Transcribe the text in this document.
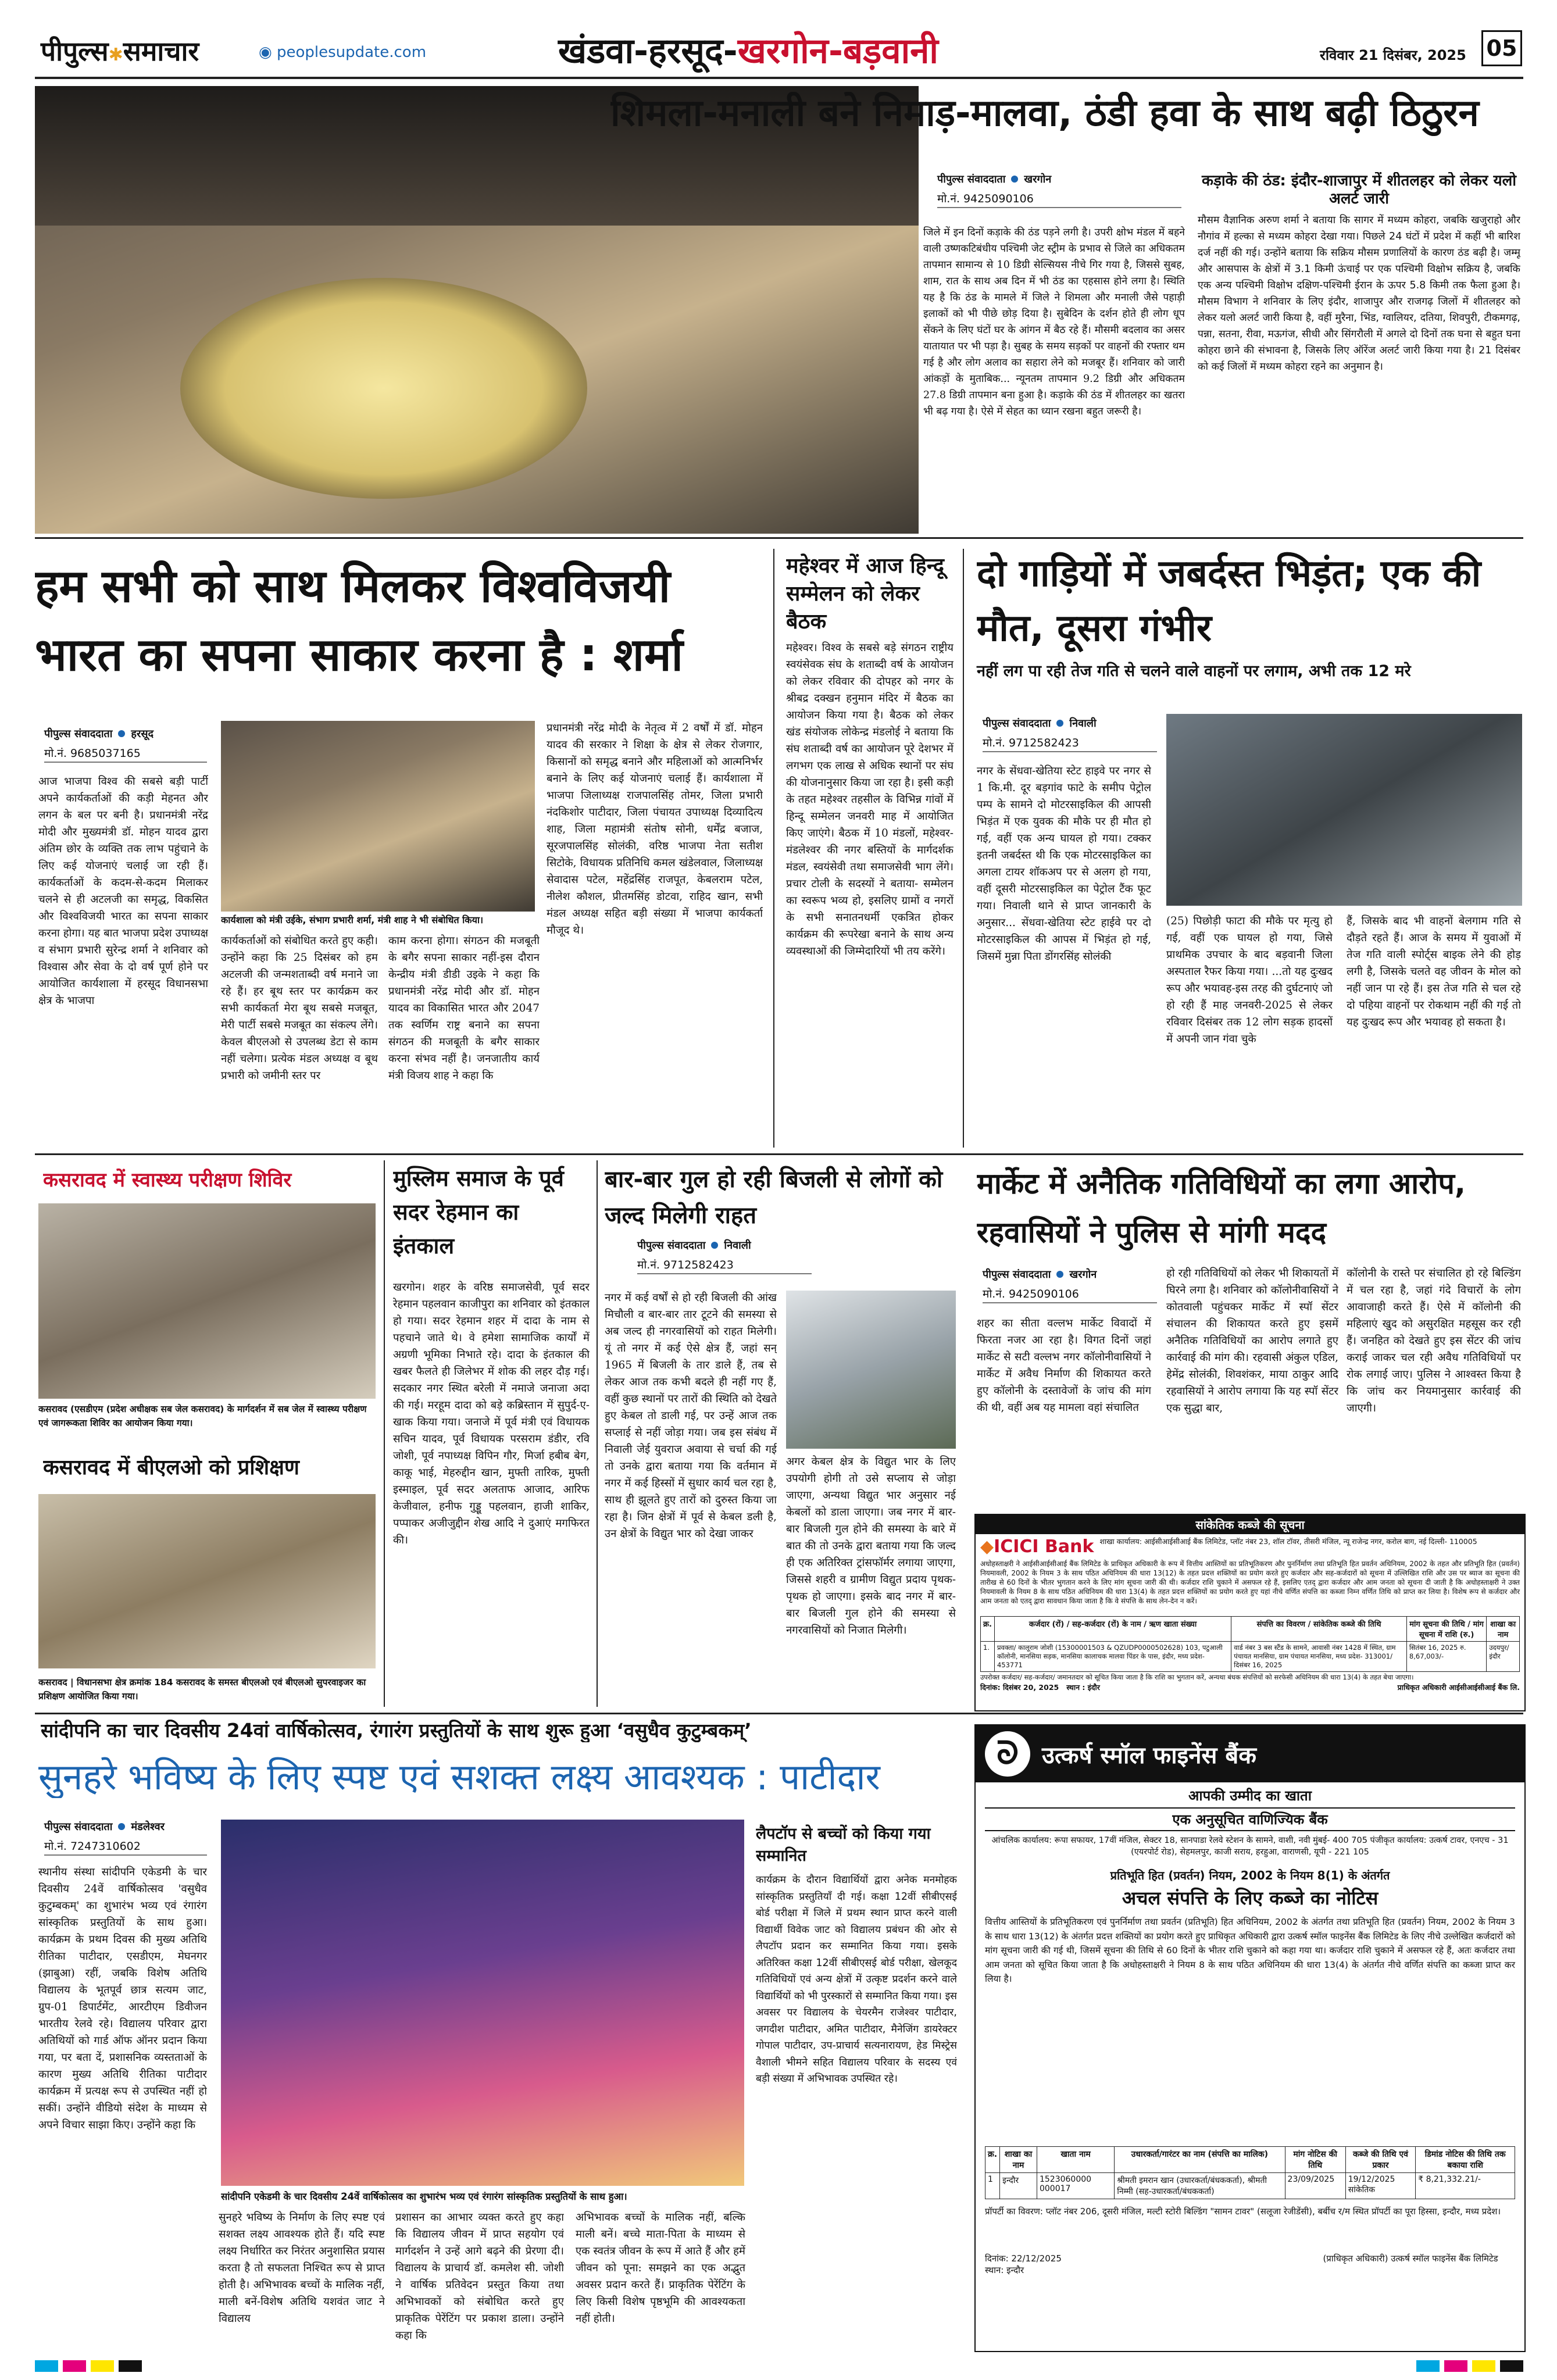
पीपुल्स✱समाचार	◉ peoplesupdate.com	खंडवा-हरसूद-खरगोन-बड़वानी	रविवार 21 दिसंबर, 2025 05
शिमला-मनाली बने निमाड़-मालवा, ठंडी हवा के साथ बढ़ी ठिठुरन
पीपुल्स संवाददाता खरगोन
मो.नं. 9425090106
जिले में इन दिनों कड़ाके की ठंड पड़ने लगी है। उपरी क्षोभ मंडल में बहने वाली उष्णकटिबंधीय पश्चिमी जेट स्ट्रीम के प्रभाव से जिले का अधिकतम तापमान सामान्य से 10 डिग्री सेल्सियस नीचे गिर गया है, जिससे सुबह, शाम, रात के साथ अब दिन में भी ठंड का एहसास होने लगा है। स्थिति यह है कि ठंड के मामले में जिले ने शिमला और मनाली जैसे पहाड़ी इलाकों को भी पीछे छोड़ दिया है। सुबेदिन के दर्शन होते ही लोग धूप सेंकने के लिए घंटों घर के आंगन में बैठ रहे हैं। मौसमी बदलाव का असर यातायात पर भी पड़ा है। सुबह के समय सड़कों पर वाहनों की रफ्तार थम गई है और लोग अलाव का सहारा लेने को मजबूर हैं। शनिवार को जारी आंकड़ों के मुताबिक... न्यूनतम तापमान 9.2 डिग्री और अधिकतम 27.8 डिग्री तापमान बना हुआ है। कड़ाके की ठंड में शीतलहर का खतरा भी बढ़ गया है। ऐसे में सेहत का ध्यान रखना बहुत जरूरी है।
कड़ाके की ठंड: इंदौर-शाजापुर में शीतलहर को लेकर यलो अलर्ट जारी
मौसम वैज्ञानिक अरुण शर्मा ने बताया कि सागर में मध्यम कोहरा, जबकि खजुराहो और नौगांव में हल्का से मध्यम कोहरा देखा गया। पिछले 24 घंटों में प्रदेश में कहीं भी बारिश दर्ज नहीं की गई। उन्होंने बताया कि सक्रिय मौसम प्रणालियों के कारण ठंड बढ़ी है। जम्मू और आसपास के क्षेत्रों में 3.1 किमी ऊंचाई पर एक पश्चिमी विक्षोभ सक्रिय है, जबकि एक अन्य पश्चिमी विक्षोभ दक्षिण-पश्चिमी ईरान के ऊपर 5.8 किमी तक फैला हुआ है। मौसम विभाग ने शनिवार के लिए इंदौर, शाजापुर और राजगढ़ जिलों में शीतलहर को लेकर यलो अलर्ट जारी किया है, वहीं मुरैना, भिंड, ग्वालियर, दतिया, शिवपुरी, टीकमगढ़, पन्ना, सतना, रीवा, मऊगंज, सीधी और सिंगरौली में अगले दो दिनों तक घना से बहुत घना कोहरा छाने की संभावना है, जिसके लिए ऑरेंज अलर्ट जारी किया गया है। 21 दिसंबर को कई जिलों में मध्यम कोहरा रहने का अनुमान है।
हम सभी को साथ मिलकर विश्वविजयी भारत का सपना साकार करना है : शर्मा
पीपुल्स संवाददाता हरसूद
मो.नं. 9685037165
कार्यशाला को मंत्री उईके, संभाग प्रभारी शर्मा, मंत्री शाह ने भी संबोधित किया।
आज भाजपा विश्व की सबसे बड़ी पार्टी अपने कार्यकर्ताओं की कड़ी मेहनत और लगन के बल पर बनी है। प्रधानमंत्री नरेंद्र मोदी और मुख्यमंत्री डॉ. मोहन यादव द्वारा अंतिम छोर के व्यक्ति तक लाभ पहुंचाने के लिए कई योजनाएं चलाई जा रही हैं। कार्यकर्ताओं के कदम-से-कदम मिलाकर चलने से ही अटलजी का समृद्ध, विकसित और विश्वविजयी भारत का सपना साकार करना होगा। यह बात भाजपा प्रदेश उपाध्यक्ष व संभाग प्रभारी सुरेन्द्र शर्मा ने शनिवार को विश्वास और सेवा के दो वर्ष पूर्ण होने पर आयोजित कार्यशाला में हरसूद विधानसभा क्षेत्र के भाजपा
कार्यकर्ताओं को संबोधित करते हुए कही। उन्होंने कहा कि 25 दिसंबर को हम अटलजी की जन्मशताब्दी वर्ष मनाने जा रहे हैं। हर बूथ स्तर पर कार्यक्रम कर सभी कार्यकर्ता मेरा बूथ सबसे मजबूत, मेरी पार्टी सबसे मजबूत का संकल्प लेंगे। केवल बीएलओ से उपलब्ध डेटा से काम नहीं चलेगा। प्रत्येक मंडल अध्यक्ष व बूथ प्रभारी को जमीनी स्तर पर
काम करना होगा। संगठन की मजबूती के बगैर सपना साकार नहीं-इस दौरान केन्द्रीय मंत्री डीडी उइके ने कहा कि प्रधानमंत्री नरेंद्र मोदी और डॉ. मोहन यादव का विकासित भारत और 2047 तक स्वर्णिम राष्ट्र बनाने का सपना संगठन की मजबूती के बगैर साकार करना संभव नहीं है। जनजातीय कार्य मंत्री विजय शाह ने कहा कि
प्रधानमंत्री नरेंद्र मोदी के नेतृत्व में 2 वर्षों में डॉ. मोहन यादव की सरकार ने शिक्षा के क्षेत्र से लेकर रोजगार, किसानों को समृद्ध बनाने और महिलाओं को आत्मनिर्भर बनाने के लिए कई योजनाएं चलाई हैं। कार्यशाला में भाजपा जिलाध्यक्ष राजपालसिंह तोमर, जिला प्रभारी नंदकिशोर पाटीदार, जिला पंचायत उपाध्यक्ष दिव्यादित्य शाह, जिला महामंत्री संतोष सोनी, धर्मेंद्र बजाज, सूरजपालसिंह सोलंकी, वरिष्ठ भाजपा नेता सतीश सिटोके, विधायक प्रतिनिधि कमल खंडेलवाल, जिलाध्यक्ष सेवादास पटेल, महेंद्रसिंह राजपूत, केबलराम पटेल, नीलेश कौशल, प्रीतमसिंह डोटवा, राहिद खान, सभी मंडल अध्यक्ष सहित बड़ी संख्या में भाजपा कार्यकर्ता मौजूद थे।
महेश्वर में आज हिन्दू सम्मेलन को लेकर बैठक
महेश्वर। विश्व के सबसे बड़े संगठन राष्ट्रीय स्वयंसेवक संघ के शताब्दी वर्ष के आयोजन को लेकर रविवार की दोपहर को नगर के श्रीबद्र दक्खन हनुमान मंदिर में बैठक का आयोजन किया गया है। बैठक को लेकर खंड संयोजक लोकेन्द्र मंडलोई ने बताया कि संघ शताब्दी वर्ष का आयोजन पूरे देशभर में लगभग एक लाख से अधिक स्थानों पर संघ की योजनानुसार किया जा रहा है। इसी कड़ी के तहत महेश्वर तहसील के विभिन्न गांवों में हिन्दू सम्मेलन जनवरी माह में आयोजित किए जाएंगे। बैठक में 10 मंडलों, महेश्वर-मंडलेश्वर की नगर बस्तियों के मार्गदर्शक मंडल, स्वयंसेवी तथा समाजसेवी भाग लेंगे। प्रचार टोली के सदस्यों ने बताया- सम्मेलन का स्वरूप भव्य हो, इसलिए ग्रामों व नगरों के सभी सनातनधर्मी एकत्रित होकर कार्यक्रम की रूपरेखा बनाने के साथ अन्य व्यवस्थाओं की जिम्मेदारियों भी तय करेंगे।
दो गाड़ियों में जबर्दस्त भिड़ंत; एक की मौत, दूसरा गंभीर
नहीं लग पा रही तेज गति से चलने वाले वाहनों पर लगाम, अभी तक 12 मरे
पीपुल्स संवाददाता निवाली
मो.नं. 9712582423
नगर के सेंधवा-खेतिया स्टेट हाइवे पर नगर से 1 कि.मी. दूर बड़गांव फाटे के समीप पेट्रोल पम्प के सामने दो मोटरसाइकिल की आपसी भिड़ंत में एक युवक की मौके पर ही मौत हो गई, वहीं एक अन्य घायल हो गया। टक्कर इतनी जबर्दस्त थी कि एक मोटरसाइकिल का अगला टायर शॉकअप पर से अलग हो गया, वहीं दूसरी मोटरसाइकिल का पेट्रोल टैंक फूट गया। निवाली थाने से प्राप्त जानकारी के अनुसार... सेंधवा-खेतिया स्टेट हाईवे पर दो मोटरसाइकिल की आपस में भिड़ंत हो गई, जिसमें मुन्ना पिता डोंगरसिंह सोलंकी
(25) पिछोड़ी फाटा की मौके पर मृत्यु हो गई, वहीं एक घायल हो गया, जिसे प्राथमिक उपचार के बाद बड़वानी जिला अस्पताल रैफर किया गया। ...तो यह दुःखद रूप और भयावह-इस तरह की दुर्घटनाएं जो हो रही हैं माह जनवरी-2025 से लेकर रविवार दिसंबर तक 12 लोग सड़क हादसों में अपनी जान गंवा चुके
हैं, जिसके बाद भी वाहनों बेलगाम गति से दौड़ते रहते हैं। आज के समय में युवाओं में तेज गति वाली स्पोर्ट्स बाइक लेने की होड़ लगी है, जिसके चलते वह जीवन के मोल को नहीं जान पा रहे हैं। इस तेज गति से चल रहे दो पहिया वाहनों पर रोकथाम नहीं की गई तो यह दुःखद रूप और भयावह हो सकता है।
कसरावद में स्वास्थ्य परीक्षण शिविर
कसरावद (एसडीएम (प्रदेश अधीक्षक सब जेल कसरावद) के मार्गदर्शन में सब जेल में स्वास्थ्य परीक्षण एवं जागरूकता शिविर का आयोजन किया गया।
कसरावद में बीएलओ को प्रशिक्षण
कसरावद | विधानसभा क्षेत्र क्रमांक 184 कसरावद के समस्त बीएलओ एवं बीएलओ सुपरवाइजर का प्रशिक्षण आयोजित किया गया।
मुस्लिम समाज के पूर्व सदर रेहमान का इंतकाल
खरगोन। शहर के वरिष्ठ समाजसेवी, पूर्व सदर रेहमान पहलवान काजीपुरा का शनिवार को इंतकाल हो गया। सदर रेहमान शहर में दादा के नाम से पहचाने जाते थे। वे हमेशा सामाजिक कार्यों में अग्रणी भूमिका निभाते रहे। दादा के इंतकाल की खबर फैलते ही जिलेभर में शोक की लहर दौड़ गई। सदकार नगर स्थित बरेली में नमाजे जनाजा अदा की गई। मरहूम दादा को बड़े कब्रिस्तान में सुपुर्द-ए-खाक किया गया। जनाजे में पूर्व मंत्री एवं विधायक सचिन यादव, पूर्व विधायक परसराम डंडीर, रवि जोशी, पूर्व नपाध्यक्ष विपिन गौर, मिर्जा हबीब बेग, काकू भाई, मेहरुद्दीन खान, मुफ्ती तारिक, मुफ्ती इस्माइल, पूर्व सदर अलताफ आजाद, आरिफ केजीवाल, हनीफ गुड्डू पहलवान, हाजी शाकिर, पप्पाकर अजीजुद्दीन शेख आदि ने दुआएं मगफिरत की।
बार-बार गुल हो रही बिजली से लोगों को जल्द मिलेगी राहत
पीपुल्स संवाददाता निवाली
मो.नं. 9712582423
नगर में कई वर्षों से हो रही बिजली की आंख मिचौली व बार-बार तार टूटने की समस्या से अब जल्द ही नगरवासियों को राहत मिलेगी। यूं तो नगर में कई ऐसे क्षेत्र हैं, जहां सन् 1965 में बिजली के तार डाले हैं, तब से लेकर आज तक कभी बदले ही नहीं गए हैं, वहीं कुछ स्थानों पर तारों की स्थिति को देखते हुए केबल तो डाली गई, पर उन्हें आज तक सप्लाई से नहीं जोड़ा गया। जब इस संबंध में निवाली जेई युवराज अवाया से चर्चा की गई तो उनके द्वारा बताया गया कि वर्तमान में नगर में कई हिस्सों में सुधार कार्य चल रहा है, साथ ही झूलते हुए तारों को दुरुस्त किया जा रहा है। जिन क्षेत्रों में पूर्व से केबल डली है, उन क्षेत्रों के विद्युत भार को देखा जाकर
अगर केबल क्षेत्र के विद्युत भार के लिए उपयोगी होगी तो उसे सप्लाय से जोड़ा जाएगा, अन्यथा विद्युत भार अनुसार नई केबलों को डाला जाएगा। जब नगर में बार-बार बिजली गुल होने की समस्या के बारे में बात की तो उनके द्वारा बताया गया कि जल्द ही एक अतिरिक्त ट्रांसफॉर्मर लगाया जाएगा, जिससे शहरी व ग्रामीण विद्युत प्रदाय पृथक-पृथक हो जाएगा। इसके बाद नगर में बार-बार बिजली गुल होने की समस्या से नगरवासियों को निजात मिलेगी।
मार्केट में अनैतिक गतिविधियों का लगा आरोप, रहवासियों ने पुलिस से मांगी मदद
पीपुल्स संवाददाता खरगोन
मो.नं. 9425090106
शहर का सीता वल्लभ मार्केट विवादों में फिरता नजर आ रहा है। विगत दिनों जहां मार्केट से सटी वल्लभ नगर कॉलोनीवासियों ने मार्केट में अवैध निर्माण की शिकायत करते हुए कॉलोनी के दस्तावेजों के जांच की मांग की थी, वहीं अब यह मामला वहां संचालित
हो रही गतिविधियों को लेकर भी शिकायतों में घिरने लगा है। शनिवार को कॉलोनीवासियों ने कोतवाली पहुंचकर मार्केट में स्पॉ सेंटर संचालन की शिकायत करते हुए इसमें अनैतिक गतिविधियों का आरोप लगाते हुए कार्रवाई की मांग की। रहवासी अंकुल एडिल, हेमेंद्र सोलंकी, शिवशंकर, माया ठाकुर आदि रहवासियों ने आरोप लगाया कि यह स्पॉ सेंटर एक सुद्धा बार,
कॉलोनी के रास्ते पर संचालित हो रहे बिल्डिंग में चल रहा है, जहां गंदे विचारों के लोग आवाजाही करते हैं। ऐसे में कॉलोनी की महिलाएं खुद को असुरक्षित महसूस कर रही हैं। जनहित को देखते हुए इस सेंटर की जांच कराई जाकर चल रही अवैध गतिविधियों पर रोक लगाई जाए। पुलिस ने आश्वस्त किया है कि जांच कर नियमानुसार कार्रवाई की जाएगी।
सांकेतिक कब्जे की सूचना
◆ICICI Bank शाखा कार्यालय: आईसीआईसीआई बैंक लिमिटेड, प्लॉट नंबर 23, शॉल टॉवर, तीसरी मंजिल, न्यू राजेन्द्र नगर, करोल बाग, नई दिल्ली- 110005
अधोहस्ताक्षरी ने आईसीआईसीआई बैंक लिमिटेड के प्राधिकृत अधिकारी के रूप में वित्तीय आस्तियों का प्रतिभूतिकरण और पुनर्निर्माण तथा प्रतिभूति हित प्रवर्तन अधिनियम, 2002 के तहत और प्रतिभूति हित (प्रवर्तन) नियमावली, 2002 के नियम 3 के साथ पठित अधिनियम की धारा 13(12) के तहत प्रदत्त शक्तियों का प्रयोग करते हुए कर्जदार और सह-कर्जदारों को सूचना में उल्लिखित राशि और उस पर ब्याज का सूचना की तारीख से 60 दिनों के भीतर भुगतान करने के लिए मांग सूचना जारी की थी। कर्जदार राशि चुकाने में असफल रहे हैं, इसलिए एतद् द्वारा कर्जदार और आम जनता को सूचना दी जाती है कि अधोहस्ताक्षरी ने उक्त नियमावली के नियम 8 के साथ पठित अधिनियम की धारा 13(4) के तहत प्रदत्त शक्तियों का प्रयोग करते हुए यहां नीचे वर्णित संपत्ति का कब्जा निम्न वर्णित तिथि को प्राप्त कर लिया है। विशेष रूप से कर्जदार और आम जनता को एतद् द्वारा सावधान किया जाता है कि वे संपत्ति के साथ लेन-देन न करें।
क्र.	कर्जदार (रों) / सह-कर्जदार (रों) के नाम / ऋण खाता संख्या	संपत्ति का विवरण / सांकेतिक कब्जे की तिथि	मांग सूचना की तिथि / मांग सूचना में राशि (रु.)	शाखा का नाम
1.	प्रवक्ता/ कालूराम जोशी (15300001503 & QZUDP0000502628) 103, पटुआली कॉलोनी, मानसिया सड़क, मानसिया कालाचक मालवा पिंडर के पास, इंदौर, मध्य प्रदेश- 453771	वार्ड नंबर 3 बस स्टैंड के सामने, आवासी नंबर 1428 में स्थित, ग्राम पंचायत मानसिया, ग्राम पंचायत मानसिया, मध्य प्रदेश- 313001/ दिसंबर 16, 2025	सितंबर 16, 2025 रु. 8,67,003/-	उदयपुर/ इंदौर
उपरोक्त कर्जदार/ सह-कर्जदार/ जमानतदार को सूचित किया जाता है कि राशि का भुगतान करें, अन्यथा बंधक संपत्तियों को सरफेसी अधिनियम की धारा 13(4) के तहत बेचा जाएगा।
दिनांक: दिसंबर 20, 2025 स्थान : इंदौर	प्राधिकृत अधिकारी आईसीआईसीआई बैंक लि.
सांदीपनि का चार दिवसीय 24वां वार्षिकोत्सव, रंगारंग प्रस्तुतियों के साथ शुरू हुआ ‘वसुधैव कुटुम्बकम्’
सुनहरे भविष्य के लिए स्पष्ट एवं सशक्त लक्ष्य आवश्यक : पाटीदार
पीपुल्स संवाददाता मंडलेश्वर
मो.नं. 7247310602
स्थानीय संस्था सांदीपनि एकेडमी के चार दिवसीय 24वें वार्षिकोत्सव 'वसुधैव कुटुम्बकम्' का शुभारंभ भव्य एवं रंगारंग सांस्कृतिक प्रस्तुतियों के साथ हुआ। कार्यक्रम के प्रथम दिवस की मुख्य अतिथि रीतिका पाटीदार, एसडीएम, मेघनगर (झाबुआ) रहीं, जबकि विशेष अतिथि विद्यालय के भूतपूर्व छात्र सत्यम जाट, ग्रुप-01 डिपार्टमेंट, आरटीएम डिवीजन भारतीय रेलवे रहे। विद्यालय परिवार द्वारा अतिथियों को गार्ड ऑफ ऑनर प्रदान किया गया, पर बता दें, प्रशासनिक व्यस्तताओं के कारण मुख्य अतिथि रीतिका पाटीदार कार्यक्रम में प्रत्यक्ष रूप से उपस्थित नहीं हो सकीं। उन्होंने वीडियो संदेश के माध्यम से अपने विचार साझा किए। उन्होंने कहा कि
सांदीपनि एकेडमी के चार दिवसीय 24वें वार्षिकोत्सव का शुभारंभ भव्य एवं रंगारंग सांस्कृतिक प्रस्तुतियों के साथ हुआ।
सुनहरे भविष्य के निर्माण के लिए स्पष्ट एवं सशक्त लक्ष्य आवश्यक होते हैं। यदि स्पष्ट लक्ष्य निर्धारित कर निरंतर अनुशासित प्रयास करता है तो सफलता निश्चित रूप से प्राप्त होती है। अभिभावक बच्चों के मालिक नहीं, माली बनें-विशेष अतिथि यशवंत जाट ने विद्यालय
प्रशासन का आभार व्यक्त करते हुए कहा कि विद्यालय जीवन में प्राप्त सहयोग एवं मार्गदर्शन ने उन्हें आगे बढ़ने की प्रेरणा दी। विद्यालय के प्राचार्य डॉ. कमलेश सी. जोशी ने वार्षिक प्रतिवेदन प्रस्तुत किया तथा अभिभावकों को संबोधित करते हुए प्राकृतिक पेरेंटिंग पर प्रकाश डाला। उन्होंने कहा कि
अभिभावक बच्चों के मालिक नहीं, बल्कि माली बनें। बच्चे माता-पिता के माध्यम से एक स्वतंत्र जीवन के रूप में आते हैं और हमें जीवन को पूना: समझने का एक अद्भुत अवसर प्रदान करते हैं। प्राकृतिक पेरेंटिंग के लिए किसी विशेष पृष्ठभूमि की आवश्यकता नहीं होती।
लैपटॉप से बच्चों को किया गया सम्मानित
कार्यक्रम के दौरान विद्यार्थियों द्वारा अनेक मनमोहक सांस्कृतिक प्रस्तुतियाँ दी गई। कक्षा 12वीं सीबीएसई बोर्ड परीक्षा में जिले में प्रथम स्थान प्राप्त करने वाली विद्यार्थी विवेक जाट को विद्यालय प्रबंधन की ओर से लैपटॉप प्रदान कर सम्मानित किया गया। इसके अतिरिक्त कक्षा 12वीं सीबीएसई बोर्ड परीक्षा, खेलकूद गतिविधियों एवं अन्य क्षेत्रों में उत्कृष्ट प्रदर्शन करने वाले विद्यार्थियों को भी पुरस्कारों से सम्मानित किया गया। इस अवसर पर विद्यालय के चेयरमैन राजेश्वर पाटीदार, जगदीश पाटीदार, अमित पाटीदार, मैनेजिंग डायरेक्टर गोपाल पाटीदार, उप-प्राचार्य सत्यनारायण, हेड मिस्ट्रेस वैशाली भीमने सहित विद्यालय परिवार के सदस्य एवं बड़ी संख्या में अभिभावक उपस्थित रहे।
ᘐ उत्कर्ष स्मॉल फाइनेंस बैंक
आपकी उम्मीद का खाता
एक अनुसूचित वाणिज्यिक बैंक
आंचलिक कार्यालय: रूपा सफायर, 17वीं मंजिल, सेक्टर 18, सानपाडा रेलवे स्टेशन के सामने, वाशी, नवी मुंबई- 400 705 पंजीकृत कार्यालय: उत्कर्ष टावर, एनएच - 31 (एयरपोर्ट रोड), सेहमलपुर, काजी सराय, हरहुआ, वाराणसी, यूपी - 221 105
प्रतिभूति हित (प्रवर्तन) नियम, 2002 के नियम 8(1) के अंतर्गत
अचल संपत्ति के लिए कब्जे का नोटिस
वित्तीय आस्तियों के प्रतिभूतिकरण एवं पुनर्निर्माण तथा प्रवर्तन (प्रतिभूति) हित अधिनियम, 2002 के अंतर्गत तथा प्रतिभूति हित (प्रवर्तन) नियम, 2002 के नियम 3 के साथ धारा 13(12) के अंतर्गत प्रदत्त शक्तियों का प्रयोग करते हुए प्राधिकृत अधिकारी द्वारा उत्कर्ष स्मॉल फाइनेंस बैंक लिमिटेड के लिए नीचे उल्लेखित कर्जदारों को मांग सूचना जारी की गई थी, जिसमें सूचना की तिथि से 60 दिनों के भीतर राशि चुकाने को कहा गया था। कर्जदार राशि चुकाने में असफल रहे हैं, अतः कर्जदार तथा आम जनता को सूचित किया जाता है कि अधोहस्ताक्षरी ने नियम 8 के साथ पठित अधिनियम की धारा 13(4) के अंतर्गत नीचे वर्णित संपत्ति का कब्जा प्राप्त कर लिया है।
क्र.	शाखा का नाम	खाता नाम	उधारकर्ता/गारंटर का नाम (संपत्ति का मालिक)	मांग नोटिस की तिथि	कब्जे की तिथि एवं प्रकार	डिमांड नोटिस की तिथि तक बकाया राशि
1	इन्दौर	1523060000 000017	श्रीमती इमरान खान (उधारकर्ता/बंधककर्ता), श्रीमती निम्मी (सह-उधारकर्ता/बंधककर्ता)	23/09/2025	19/12/2025 सांकेतिक	₹ 8,21,332.21/-
प्रॉपर्टी का विवरण: प्लॉट नंबर 206, दूसरी मंजिल, मल्टी स्टोरी बिल्डिंग "सामन टावर" (सलूजा रेजीडेंसी), बर्बीच र/म स्थित प्रॉपर्टी का पूरा हिस्सा, इन्दौर, मध्य प्रदेश।
दिनांक: 22/12/2025
स्थान: इन्दौर
(प्राधिकृत अधिकारी) उत्कर्ष स्मॉल फाइनेंस बैंक लिमिटेड
